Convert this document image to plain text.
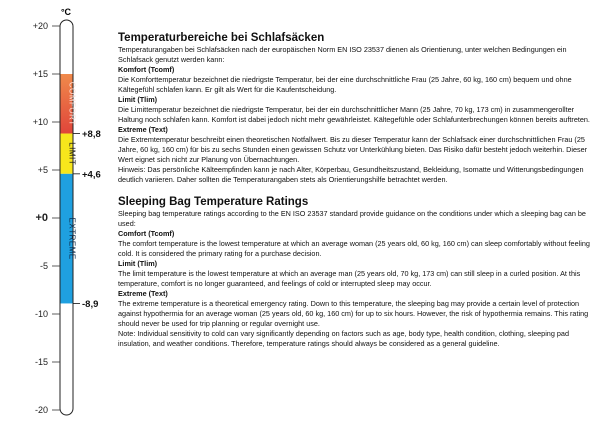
°C
COMFORT
LIMIT
EXTREME
+20
+15
+10
+5
+0
-5
-10
-15
-20
+8,8
+4,6
-8,9
Temperaturbereiche bei Schlafsäcken

Temperaturangaben bei Schlafsäcken nach der europäischen Norm EN ISO 23537 dienen als Orientierung, unter welchen Bedingungen ein Schlafsack genutzt werden kann:

Komfort (Tcomf)

Die Komforttemperatur bezeichnet die niedrigste Temperatur, bei der eine durchschnittliche Frau (25 Jahre, 60 kg, 160 cm) bequem und ohne Kältegefühl schlafen kann. Er gilt als Wert für die Kaufentscheidung.

Limit (Tlim)

Die Limittemperatur bezeichnet die niedrigste Temperatur, bei der ein durchschnittlicher Mann (25 Jahre, 70 kg, 173 cm) in zusammengerollter Haltung noch schlafen kann. Komfort ist dabei jedoch nicht mehr gewährleistet. Kältegefühle oder Schlafunterbrechungen können bereits auftreten.

Extreme (Text)

Die Extremtemperatur beschreibt einen theoretischen Notfallwert. Bis zu dieser Temperatur kann der Schlafsack einer durchschnittlichen Frau (25 Jahre, 60 kg, 160 cm) für bis zu sechs Stunden einen gewissen Schutz vor Unterkühlung bieten. Das Risiko dafür besteht jedoch weiterhin. Dieser Wert eignet sich nicht zur Planung von Übernachtungen.

Hinweis: Das persönliche Kälteempfinden kann je nach Alter, Körperbau, Gesundheitszustand, Bekleidung, Isomatte und Witterungsbedingungen deutlich variieren. Daher sollten die Temperaturangaben stets als Orientierungshilfe betrachtet werden.

Sleeping Bag Temperature Ratings

Sleeping bag temperature ratings according to the EN ISO 23537 standard provide guidance on the conditions under which a sleeping bag can be used:

Comfort (Tcomf)

The comfort temperature is the lowest temperature at which an average woman (25 years old, 60 kg, 160 cm) can sleep comfortably without feeling cold. It is considered the primary rating for a purchase decision.

Limit (Tlim)

The limit temperature is the lowest temperature at which an average man (25 years old, 70 kg, 173 cm) can still sleep in a curled position. At this temperature, comfort is no longer guaranteed, and feelings of cold or interrupted sleep may occur.

Extreme (Text)

The extreme temperature is a theoretical emergency rating. Down to this temperature, the sleeping bag may provide a certain level of protection against hypothermia for an average woman (25 years old, 60 kg, 160 cm) for up to six hours. However, the risk of hypothermia remains. This rating should never be used for trip planning or regular overnight use.

Note: Individual sensitivity to cold can vary significantly depending on factors such as age, body type, health condition, clothing, sleeping pad insulation, and weather conditions. Therefore, temperature ratings should always be considered as a general guideline.
